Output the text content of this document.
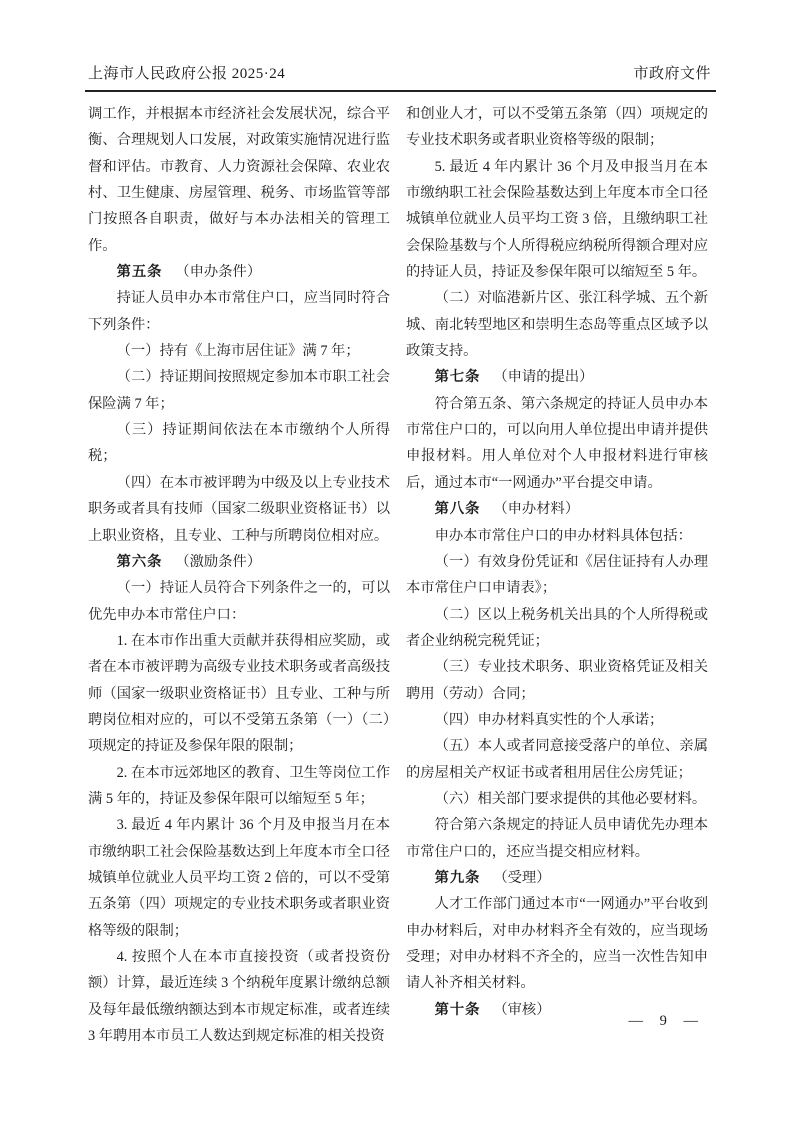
上海市人民政府公报 2025·24	市政府文件

调工作，并根据本市经济社会发展状况，综合平衡、合理规划人口发展，对政策实施情况进行监督和评估。市教育、人力资源社会保障、农业农村、卫生健康、房屋管理、税务、市场监管等部门按照各自职责，做好与本办法相关的管理工作。

第五条 （申办条件）

持证人员申办本市常住户口，应当同时符合下列条件：

（一）持有《上海市居住证》满 7 年；

（二）持证期间按照规定参加本市职工社会保险满 7 年；

（三）持证期间依法在本市缴纳个人所得税；

（四）在本市被评聘为中级及以上专业技术职务或者具有技师（国家二级职业资格证书）以上职业资格，且专业、工种与所聘岗位相对应。

第六条 （激励条件）

（一）持证人员符合下列条件之一的，可以优先申办本市常住户口：

1. 在本市作出重大贡献并获得相应奖励，或者在本市被评聘为高级专业技术职务或者高级技师（国家一级职业资格证书）且专业、工种与所聘岗位相对应的，可以不受第五条第（一）（二）项规定的持证及参保年限的限制；

2. 在本市远郊地区的教育、卫生等岗位工作满 5 年的，持证及参保年限可以缩短至 5 年；

3. 最近 4 年内累计 36 个月及申报当月在本市缴纳职工社会保险基数达到上年度本市全口径城镇单位就业人员平均工资 2 倍的，可以不受第五条第（四）项规定的专业技术职务或者职业资格等级的限制；

4. 按照个人在本市直接投资（或者投资份额）计算，最近连续 3 个纳税年度累计缴纳总额及每年最低缴纳额达到本市规定标准，或者连续 3 年聘用本市员工人数达到规定标准的相关投资

和创业人才，可以不受第五条第（四）项规定的专业技术职务或者职业资格等级的限制；

5. 最近 4 年内累计 36 个月及申报当月在本市缴纳职工社会保险基数达到上年度本市全口径城镇单位就业人员平均工资 3 倍，且缴纳职工社会保险基数与个人所得税应纳税所得额合理对应的持证人员，持证及参保年限可以缩短至 5 年。

（二）对临港新片区、张江科学城、五个新城、南北转型地区和崇明生态岛等重点区域予以政策支持。

第七条 （申请的提出）

符合第五条、第六条规定的持证人员申办本市常住户口的，可以向用人单位提出申请并提供申报材料。用人单位对个人申报材料进行审核后，通过本市“一网通办”平台提交申请。

第八条 （申办材料）

申办本市常住户口的申办材料具体包括：

（一）有效身份凭证和《居住证持有人办理本市常住户口申请表》；

（二）区以上税务机关出具的个人所得税或者企业纳税完税凭证；

（三）专业技术职务、职业资格凭证及相关聘用（劳动）合同；

（四）申办材料真实性的个人承诺；

（五）本人或者同意接受落户的单位、亲属的房屋相关产权证书或者租用居住公房凭证；

（六）相关部门要求提供的其他必要材料。

符合第六条规定的持证人员申请优先办理本市常住户口的，还应当提交相应材料。

第九条 （受理）

人才工作部门通过本市“一网通办”平台收到申办材料后，对申办材料齐全有效的，应当现场受理；对申办材料不齐全的，应当一次性告知申请人补齐相关材料。

第十条 （审核）

— 9 —
